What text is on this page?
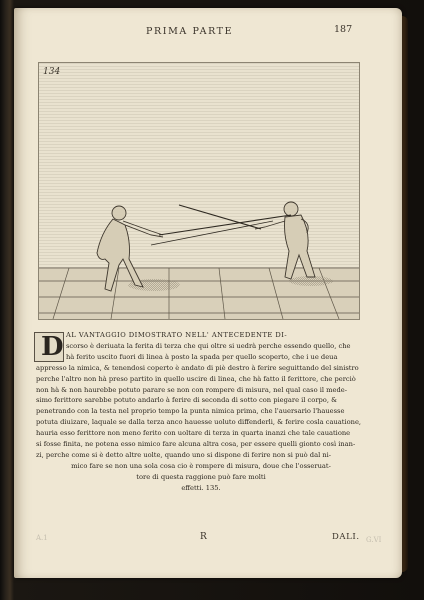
PRIMA PARTE	187
134
D AL VANTAGGIO DIMOSTRATO NELL' ANTECEDENTE DI-
scorso è deriuata la ferita di terza che qui oltre si uedrà perche essendo quello, che
hà ferito uscito fuori di linea à posto la spada per quello scoperto, che i ue deua
appresso la nimica, & tenendosi coperto è andato di piè destro à ferire seguittando del sinistro
perche l'altro non hà preso partito in quello uscire di linea, che hà fatto il ferittore, che perciò
non hà & non haurebbe potuto parare se non con rompere di misura, nel qual caso il mede-
simo ferittore sarebbe potuto andarlo à ferire di seconda di sotto con piegare il corpo, &
penetrando con la testa nel proprio tempo la punta nimica prima, che l'auersario l'hauesse
potuta diuizare, laquale se dalla terza anco hauesse uoluto diffenderli, & ferire cosla cauatione,
hauria esso ferittore non meno ferito con uoltare di terza in quarta inanzi che tale cauatione
si fosse finita, ne potena esso nimico fare alcuna altra cosa, per essere quelli gionto così inan-
zi, perche come si è detto altre uolte, quando uno si dispone di ferire non si può dal ni-
mico fare se non una sola cosa cio è rompere di misura, doue che l'osseruat-
tore di questa raggione può fare molti
effetti. 135.
A.1	R	DALI. G.VI
